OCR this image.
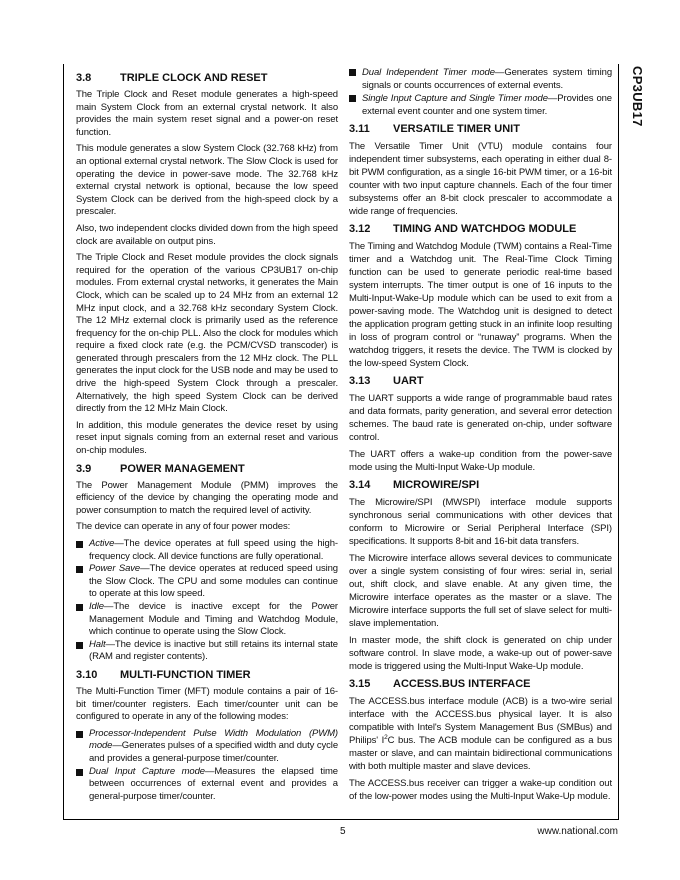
CP3UB17
3.8	TRIPLE CLOCK AND RESET

The Triple Clock and Reset module generates a high-speed main System Clock from an external crystal network. It also provides the main system reset signal and a power-on reset function.

This module generates a slow System Clock (32.768 kHz) from an optional external crystal network. The Slow Clock is used for operating the device in power-save mode. The 32.768 kHz external crystal network is optional, because the low speed System Clock can be derived from the high-speed clock by a prescaler.

Also, two independent clocks divided down from the high speed clock are available on output pins.

The Triple Clock and Reset module provides the clock signals required for the operation of the various CP3UB17 on-chip modules. From external crystal networks, it generates the Main Clock, which can be scaled up to 24 MHz from an external 12 MHz input clock, and a 32.768 kHz secondary System Clock. The 12 MHz external clock is primarily used as the reference frequency for the on-chip PLL. Also the clock for modules which require a fixed clock rate (e.g. the PCM/CVSD transcoder) is generated through prescalers from the 12 MHz clock. The PLL generates the input clock for the USB node and may be used to drive the high-speed System Clock through a prescaler. Alternatively, the high speed System Clock can be derived directly from the 12 MHz Main Clock.

In addition, this module generates the device reset by using reset input signals coming from an external reset and various on-chip modules.

3.9	POWER MANAGEMENT

The Power Management Module (PMM) improves the efficiency of the device by changing the operating mode and power consumption to match the required level of activity.

The device can operate in any of four power modes:

Active—The device operates at full speed using the high-frequency clock. All device functions are fully operational.
Power Save—The device operates at reduced speed using the Slow Clock. The CPU and some modules can continue to operate at this low speed.
Idle—The device is inactive except for the Power Management Module and Timing and Watchdog Module, which continue to operate using the Slow Clock.
Halt—The device is inactive but still retains its internal state (RAM and register contents).
3.10 MULTI-FUNCTION TIMER

The Multi-Function Timer (MFT) module contains a pair of 16-bit timer/counter registers. Each timer/counter unit can be configured to operate in any of the following modes:

Processor-Independent Pulse Width Modulation (PWM) mode—Generates pulses of a specified width and duty cycle and provides a general-purpose timer/counter.
Dual Input Capture mode—Measures the elapsed time between occurrences of external event and provides a general-purpose timer/counter.
Dual Independent Timer mode—Generates system timing signals or counts occurrences of external events.
Single Input Capture and Single Timer mode—Provides one external event counter and one system timer.
3.11 VERSATILE TIMER UNIT

The Versatile Timer Unit (VTU) module contains four independent timer subsystems, each operating in either dual 8-bit PWM configuration, as a single 16-bit PWM timer, or a 16-bit counter with two input capture channels. Each of the four timer subsystems offer an 8-bit clock prescaler to accommodate a wide range of frequencies.

3.12 TIMING AND WATCHDOG MODULE

The Timing and Watchdog Module (TWM) contains a Real-Time timer and a Watchdog unit. The Real-Time Clock Timing function can be used to generate periodic real-time based system interrupts. The timer output is one of 16 inputs to the Multi-Input-Wake-Up module which can be used to exit from a power-saving mode. The Watchdog unit is designed to detect the application program getting stuck in an infinite loop resulting in loss of program control or “runaway” programs. When the watchdog triggers, it resets the device. The TWM is clocked by the low-speed System Clock.

3.13 UART

The UART supports a wide range of programmable baud rates and data formats, parity generation, and several error detection schemes. The baud rate is generated on-chip, under software control.

The UART offers a wake-up condition from the power-save mode using the Multi-Input Wake-Up module.

3.14 MICROWIRE/SPI

The Microwire/SPI (MWSPI) interface module supports synchronous serial communications with other devices that conform to Microwire or Serial Peripheral Interface (SPI) specifications. It supports 8-bit and 16-bit data transfers.

The Microwire interface allows several devices to communicate over a single system consisting of four wires: serial in, serial out, shift clock, and slave enable. At any given time, the Microwire interface operates as the master or a slave. The Microwire interface supports the full set of slave select for multi-slave implementation.

In master mode, the shift clock is generated on chip under software control. In slave mode, a wake-up out of power-save mode is triggered using the Multi-Input Wake-Up module.

3.15 ACCESS.BUS INTERFACE

The ACCESS.bus interface module (ACB) is a two-wire serial interface with the ACCESS.bus physical layer. It is also compatible with Intel's System Management Bus (SMBus) and Philips' $I^2C$ bus. The ACB module can be configured as a bus master or slave, and can maintain bidirectional communications with both multiple master and slave devices.

The ACCESS.bus receiver can trigger a wake-up condition out of the low-power modes using the Multi-Input Wake-Up module.

5	www.national.com
